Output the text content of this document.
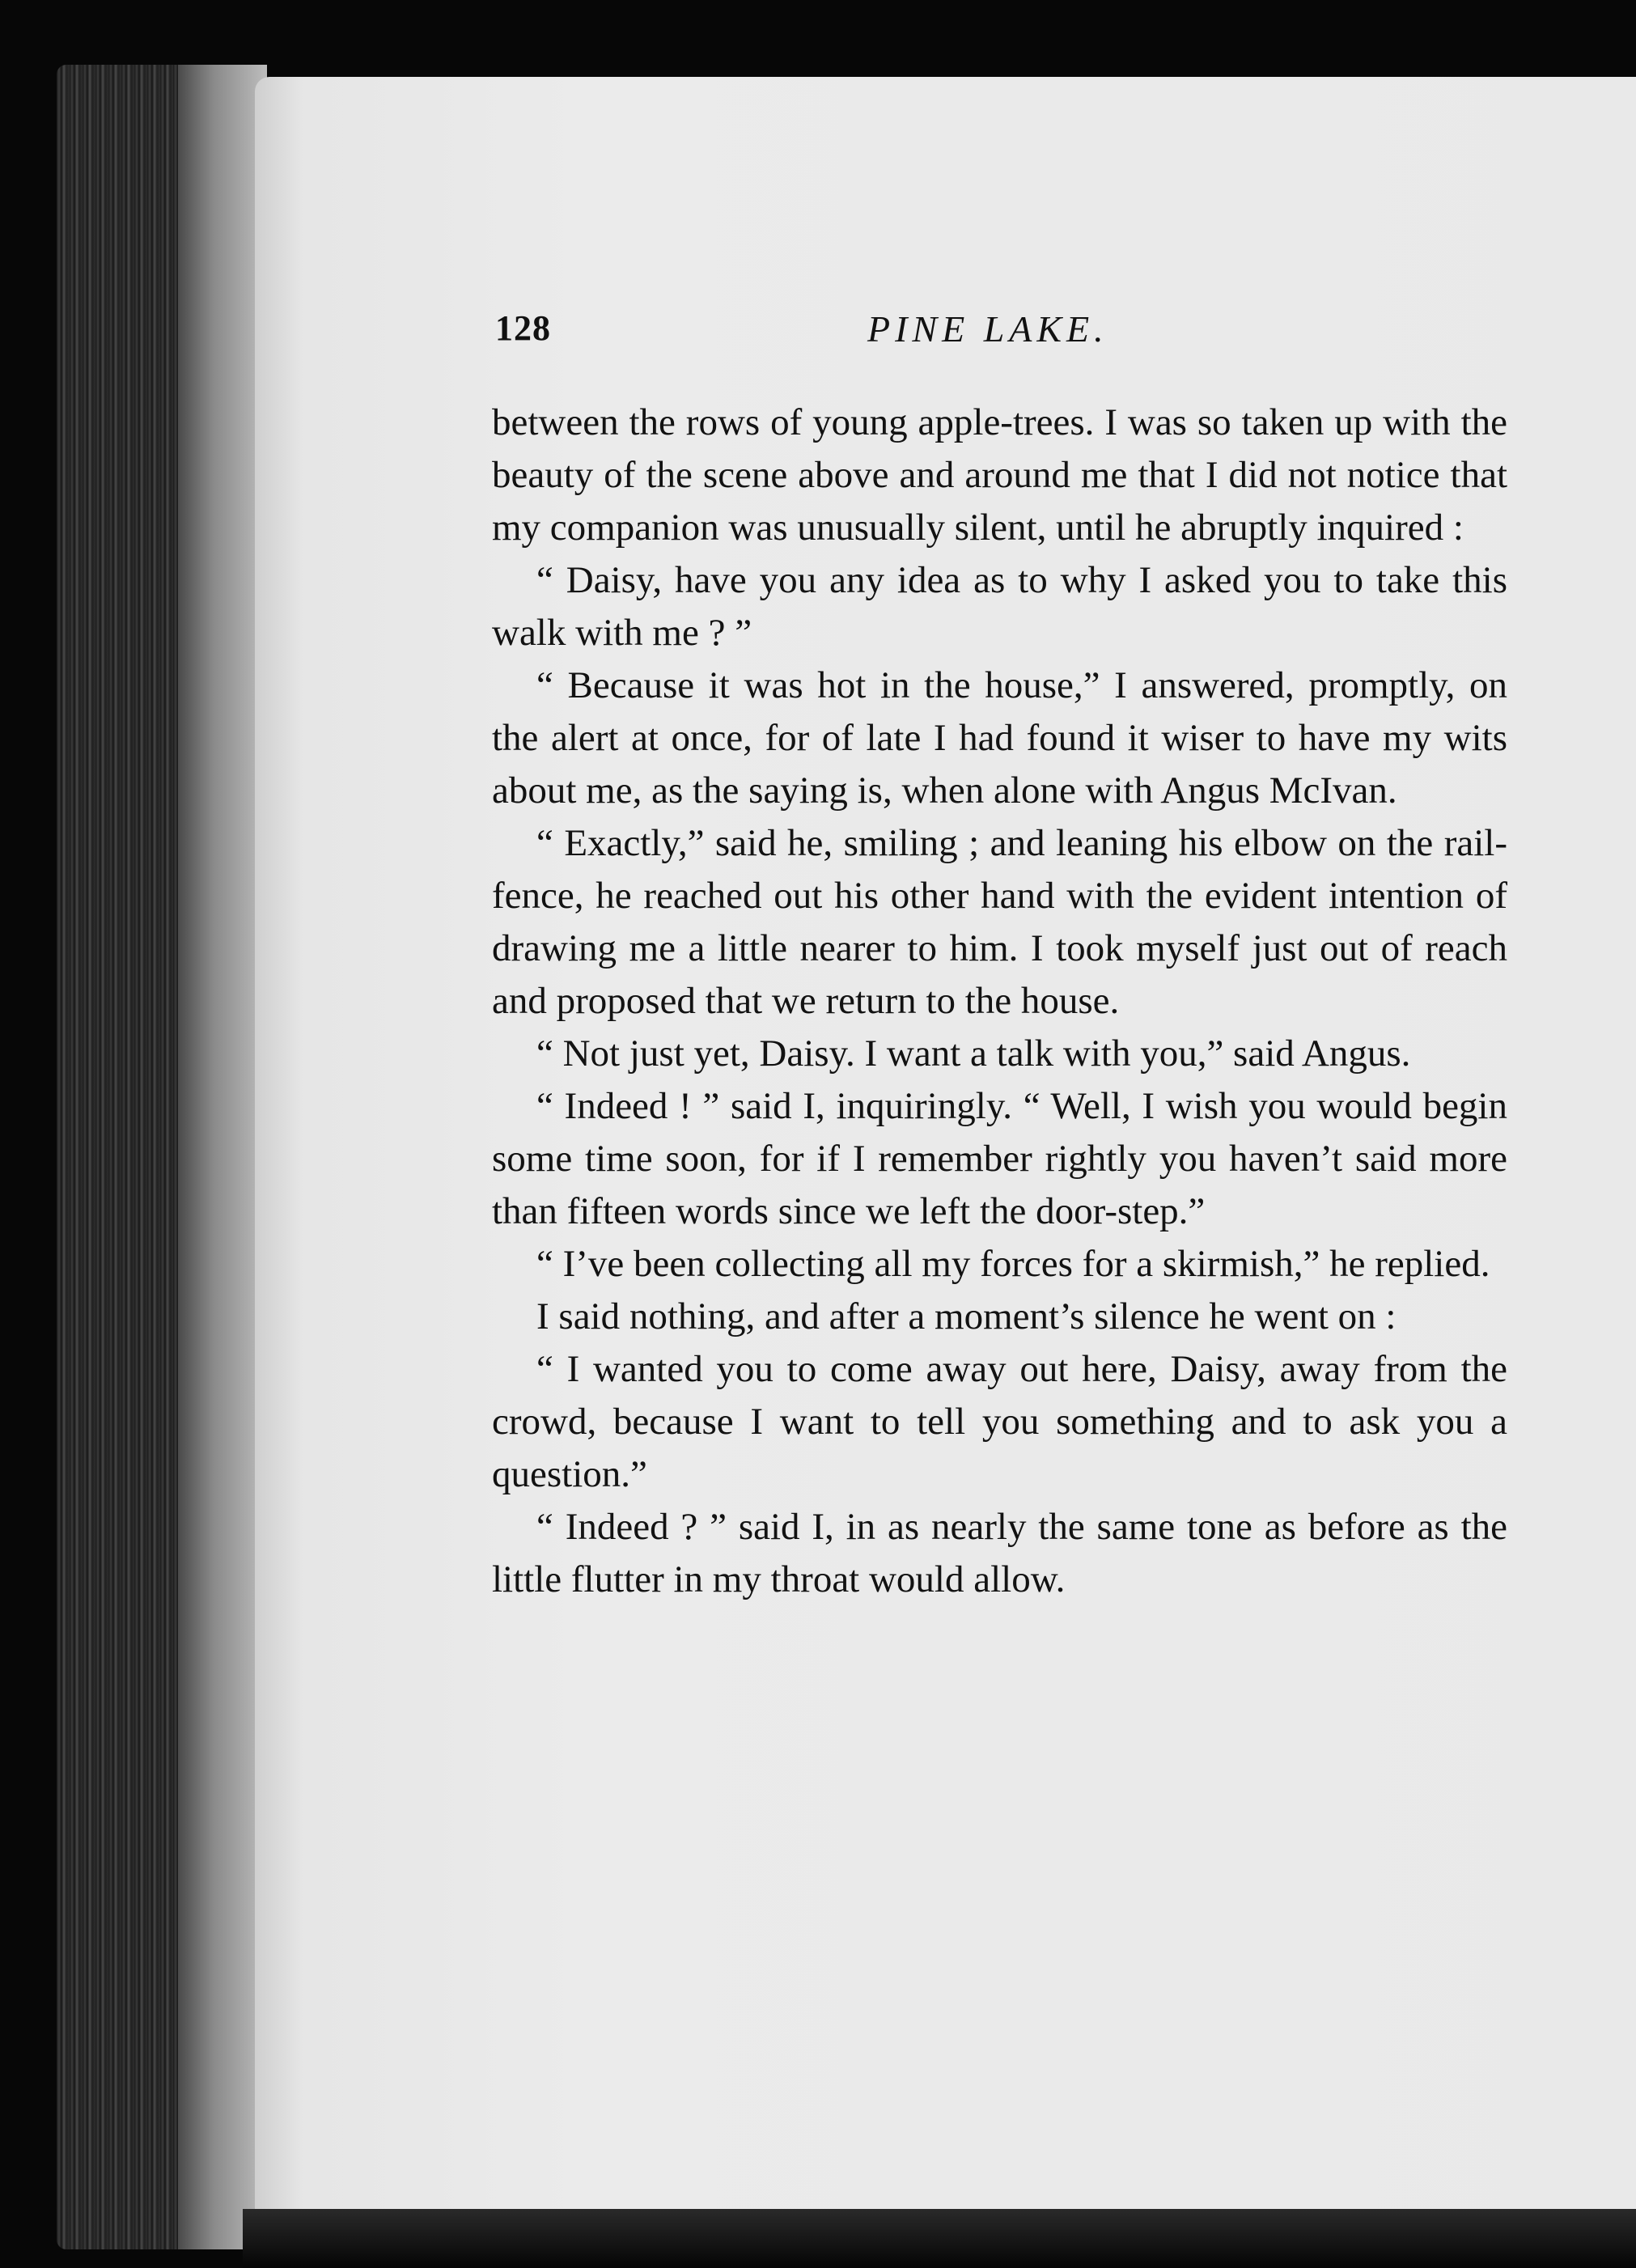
128	PINE LAKE.

between the rows of young apple-trees. I was so taken up with the beauty of the scene above and around me that I did not notice that my companion was unusually silent, until he abruptly inquired :

“ Daisy, have you any idea as to why I asked you to take this walk with me ? ”

“ Because it was hot in the house,” I answered, promptly, on the alert at once, for of late I had found it wiser to have my wits about me, as the saying is, when alone with Angus McIvan.

“ Exactly,” said he, smiling ; and leaning his elbow on the rail-fence, he reached out his other hand with the evident intention of drawing me a little nearer to him. I took myself just out of reach and proposed that we return to the house.

“ Not just yet, Daisy. I want a talk with you,” said Angus.

“ Indeed ! ” said I, inquiringly. “ Well, I wish you would begin some time soon, for if I remember rightly you haven’t said more than fifteen words since we left the door-step.”

“ I’ve been collecting all my forces for a skirmish,” he replied.

I said nothing, and after a moment’s silence he went on :

“ I wanted you to come away out here, Daisy, away from the crowd, because I want to tell you something and to ask you a question.”

“ Indeed ? ” said I, in as nearly the same tone as before as the little flutter in my throat would allow.
